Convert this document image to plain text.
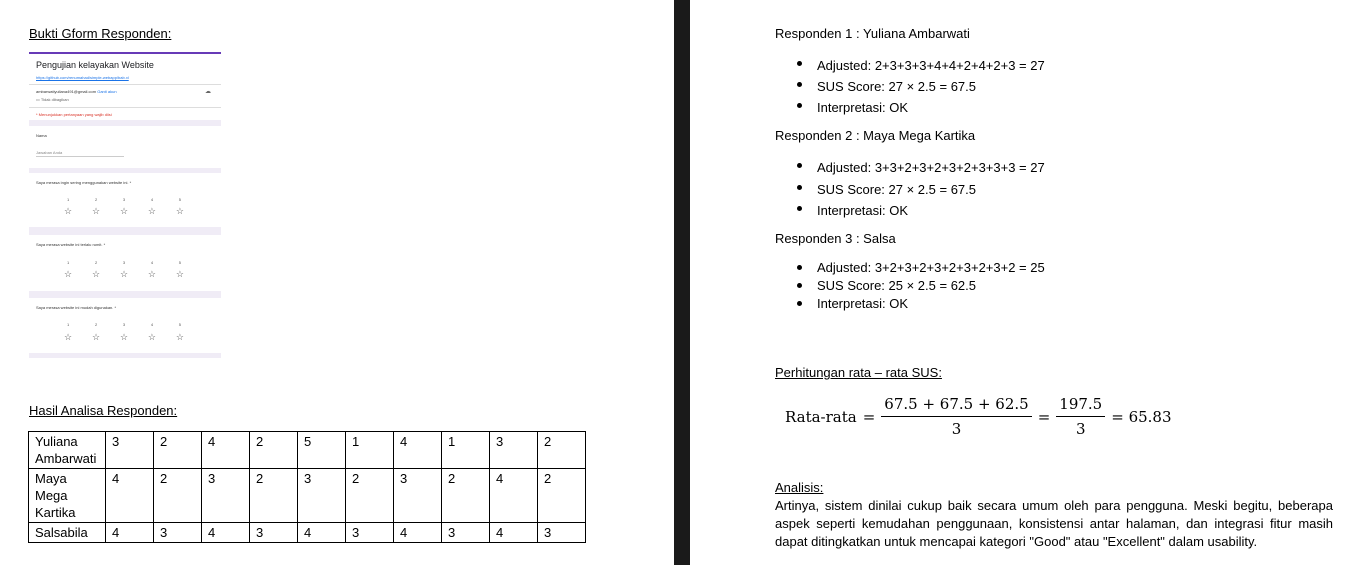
Bukti Gform Responden:
Pengujian kelayakan Website
https://github.com/renumahad/simple-webapp/bab.xl
ambarwatiyuliana491@gmail.com Ganti akun
▭ Tidak dibagikan
☁
* Menunjukkan pertanyaan yang wajib diisi
Nama
Jawaban Anda
Saya merasa ingin sering menggunakan website ini. *
1	2	3	4	5
☆ ☆ ☆ ☆ ☆
Saya merasa website ini terlalu rumit. *
1	2	3	4	5
☆ ☆ ☆ ☆ ☆
Saya merasa website ini mudah digunakan. *
1	2	3	4	5
☆ ☆ ☆ ☆ ☆
Hasil Analisa Responden:
Yuliana Ambarwati	3	2	4	2	5	1	4	1	3	2
Maya Mega Kartika	4	2	3	2	3	2	3	2	4	2
Salsabila	4	3	4	3	4	3	4	3	4	3
Responden 1 : Yuliana Ambarwati
Adjusted: 2+3+3+3+4+4+2+4+2+3 = 27
SUS Score: 27 × 2.5 = 67.5
Interpretasi: OK
Responden 2 : Maya Mega Kartika
Adjusted: 3+3+2+3+2+3+2+3+3+3 = 27
SUS Score: 27 × 2.5 = 67.5
Interpretasi: OK
Responden 3 : Salsa
Adjusted: 3+2+3+2+3+2+3+2+3+2 = 25
SUS Score: 25 × 2.5 = 62.5
Interpretasi: OK
Perhitungan rata – rata SUS:
Rata-rata = $\frac{67.5 + 67.5 + 62.5}{3} = \frac{197.5}{3} = 65.83$
Analisis:
Artinya, sistem dinilai cukup baik secara umum oleh para pengguna. Meski begitu, beberapa aspek seperti kemudahan penggunaan, konsistensi antar halaman, dan integrasi fitur masih dapat ditingkatkan untuk mencapai kategori "Good" atau "Excellent" dalam usability.
